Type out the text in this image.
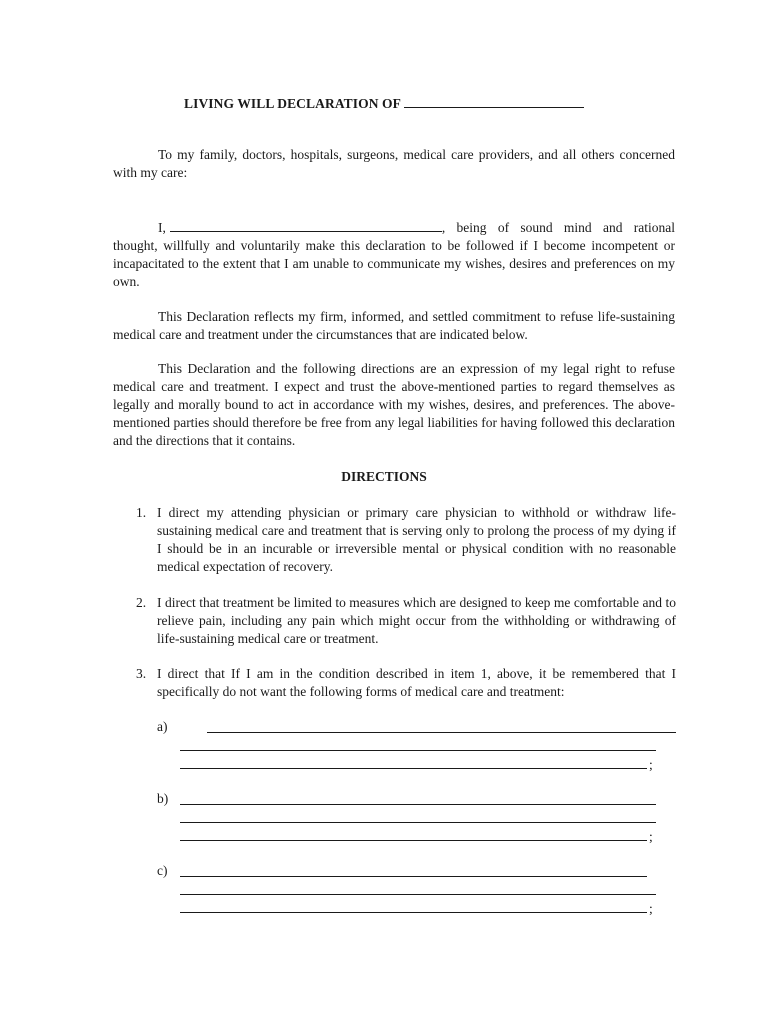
LIVING WILL DECLARATION OF
To my family, doctors, hospitals, surgeons, medical care providers, and all others concerned with my care:
I,	, being of sound mind and rational thought, willfully and voluntarily make this declaration to be followed if I become incompetent or incapacitated to the extent that I am unable to communicate my wishes, desires and preferences on my own.
This Declaration reflects my firm, informed, and settled commitment to refuse life-sustaining medical care and treatment under the circumstances that are indicated below.
This Declaration and the following directions are an expression of my legal right to refuse medical care and treatment. I expect and trust the above-mentioned parties to regard themselves as legally and morally bound to act in accordance with my wishes, desires, and preferences. The above-mentioned parties should therefore be free from any legal liabilities for having followed this declaration and the directions that it contains.
DIRECTIONS
1. I direct my attending physician or primary care physician to withhold or withdraw life-sustaining medical care and treatment that is serving only to prolong the process of my dying if I should be in an incurable or irreversible mental or physical condition with no reasonable medical expectation of recovery.
2. I direct that treatment be limited to measures which are designed to keep me comfortable and to relieve pain, including any pain which might occur from the withholding or withdrawing of life-sustaining medical care or treatment.
3. I direct that If I am in the condition described in item 1, above, it be remembered that I specifically do not want the following forms of medical care and treatment:
a)
;
b)
;
c)
;
